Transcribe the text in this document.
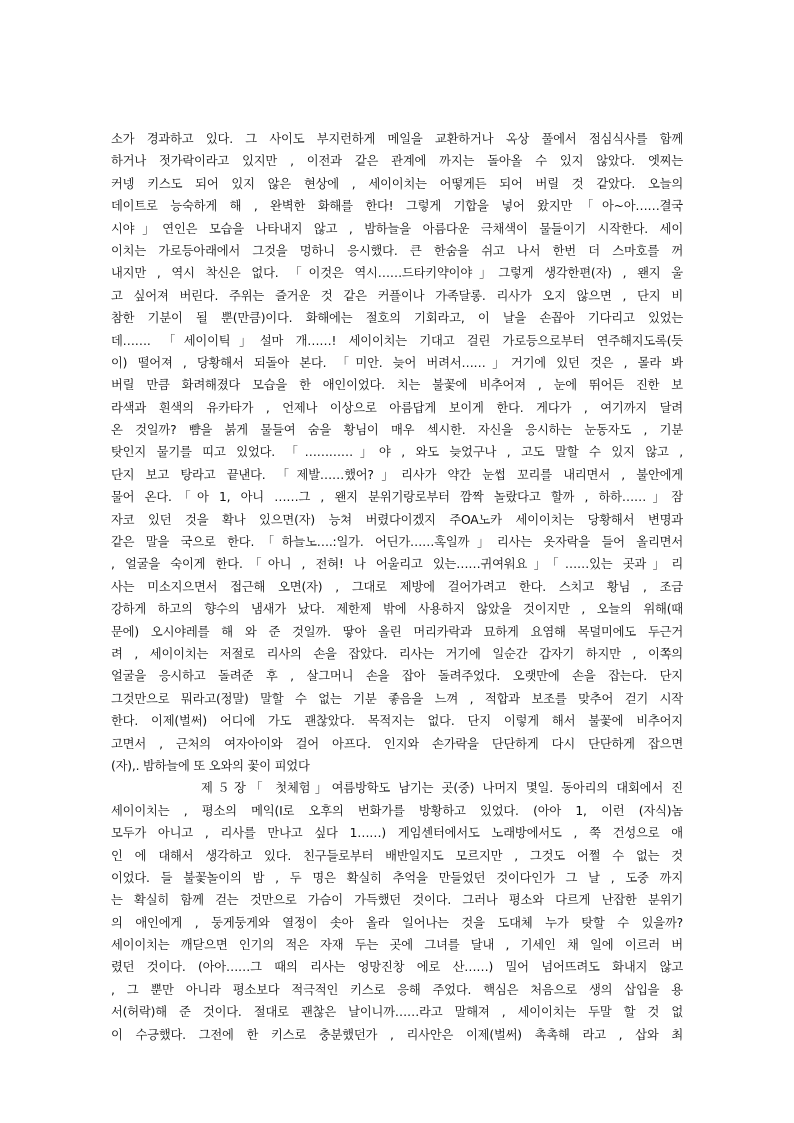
소가 경과하고 있다. 그 사이도 부지런하게 메일을 교환하거나 옥상 풀에서 점심식사를 함께
하거나 젓가락이라고 있지만 , 이전과 같은 관계에 까지는 돌아올 수 있지 않았다. 엣찌는
커넹 키스도 되어 있지 않은 현상에 , 세이이치는 어떻게든 되어 버릴 것 같았다. 오늘의
데이트로 능숙하게 해 , 완벽한 화해를 한다! 그렇게 기합을 넣어 왔지만「아~아……결국
시야」연인은 모습을 나타내지 않고 , 밤하늘을 아름다운 극채색이 물들이기 시작한다. 세이
이치는 가로등아래에서 그것을 멍하니 응시했다. 큰 한숨을 쉬고 나서 한번 더 스마호를 꺼
내지만 , 역시 착신은 없다. 「이것은 역시……드타키약이야」그렇게 생각한편(자) , 왠지 울
고 싶어져 버린다. 주위는 즐거운 것 같은 커플이나 가족달롱. 리사가 오지 않으면 , 단지 비
참한 기분이 될 뿐(만큼)이다. 화해에는 절호의 기회라고, 이 날을 손꼽아 기다리고 있었는
데……. 「세이이틱」설마 개……! 세이이치는 기대고 걸린 가로등으로부터 연주해지도록(듯
이) 떨어져 , 당황해서 되돌아 본다. 「미안. 늦어 버려서……」거기에 있던 것은 , 몰라 봐
버릴 만큼 화려해졌다 모습을 한 애인이었다. 치는 불꽃에 비추어져 , 눈에 뛰어든 진한 보
라색과 흰색의 유카타가 , 언제나 이상으로 아름답게 보이게 한다. 게다가 , 여기까지 달려
온 것일까? 뺨을 붉게 물들여 숨을 황님이 매우 섹시한. 자신을 응시하는 눈동자도 , 기분
탓인지 물기를 띠고 있었다. 「…………」야 , 와도 늦었구나 , 고도 말할 수 있지 않고 ,
단지 보고 탕라고 끝낸다. 「제발……했어?」리사가 약간 눈썹 꼬리를 내리면서 , 불안에게
물어 온다.「아 1, 아니 ……그 , 왠지 분위기랑로부터 깜짝 놀랐다고 할까 , 하하……」잠
자코 있던 것을 확나 있으면(자) 능쳐 버렸다이겠지 주OA노카 세이이치는 당황해서 변명과
같은 말을 국으로 한다.「하늘노….:일가. 어딘가……혹일까」리사는 옷자락을 들어 올리면서
, 얼굴을 숙이게 한다.「아니 , 전혀! 나 어울리고 있는……귀여워요」「……있는 곳과」리
사는 미소지으면서 접근해 오면(자) , 그대로 제방에 걸어가려고 한다. 스치고 황님 , 조금
강하게 하고의 향수의 냄새가 났다. 제한제 밖에 사용하지 않았을 것이지만 , 오늘의 위해(때
문에) 오시야레를 해 와 준 것일까. 땋아 올린 머리카락과 묘하게 요염해 목덜미에도 두근거
려 , 세이이치는 저절로 리사의 손을 잡았다. 리사는 거기에 일순간 갑자기 하지만 , 이쪽의
얼굴을 응시하고 돌려준 후 , 살그머니 손을 잡아 돌려주었다. 오랫만에 손을 잡는다. 단지
그것만으로 뭐라고(정말) 말할 수 없는 기분 좋음을 느껴 , 적합과 보조를 맞추어 걷기 시작
한다. 이제(벌써) 어디에 가도 괜찮았다. 목적지는 없다. 단지 이렇게 해서 불꽃에 비추어지
고면서 , 근처의 여자아이와 걸어 아프다. 인지와 손가락을 단단하게 다시 단단하게 잡으면
(자),. 밤하늘에 또 오와의 꽃이 피었다
제５장「 첫체험」여름방학도 남기는 곳(중) 나머지 몇일. 동아리의 대회에서 진
세이이치는 , 평소의 메익(I로 오후의 번화가를 방황하고 있었다. (아아 1, 이런 (자식)놈
모두가 아니고 , 리사를 만나고 싶다 1……) 게임센터에서도 노래방에서도 , 쭉 건성으로 애
인 에 대해서 생각하고 있다. 친구들로부터 배반일지도 모르지만 , 그것도 어쩔 수 없는 것
이었다. 들 불꽃놀이의 밤 , 두 명은 확실히 추억을 만들었던 것이다인가 그 날 , 도중 까지
는 확실히 함께 걷는 것만으로 가슴이 가득했던 것이다. 그러나 평소와 다르게 난잡한 분위기
의 애인에게 , 둥게둥게와 열정이 솟아 올라 일어나는 것을 도대체 누가 탓할 수 있을까?
세이이치는 깨닫으면 인기의 적은 자재 두는 곳에 그녀를 달내 , 기세인 채 일에 이르러 버
렸던 것이다. (아아……그 때의 리사는 엉망진창 에로 산……) 밀어 넘어뜨려도 화내지 않고
, 그 뿐만 아니라 평소보다 적극적인 키스로 응해 주었다. 핵심은 처음으로 생의 삽입을 용
서(허락)해 준 것이다. 절대로 괜찮은 날이니까……라고 말해져 , 세이이치는 두말 할 것 없
이 수긍했다. 그전에 한 키스로 충분했던가 , 리사안은 이제(벌써) 촉촉해 라고 , 삽와 최
